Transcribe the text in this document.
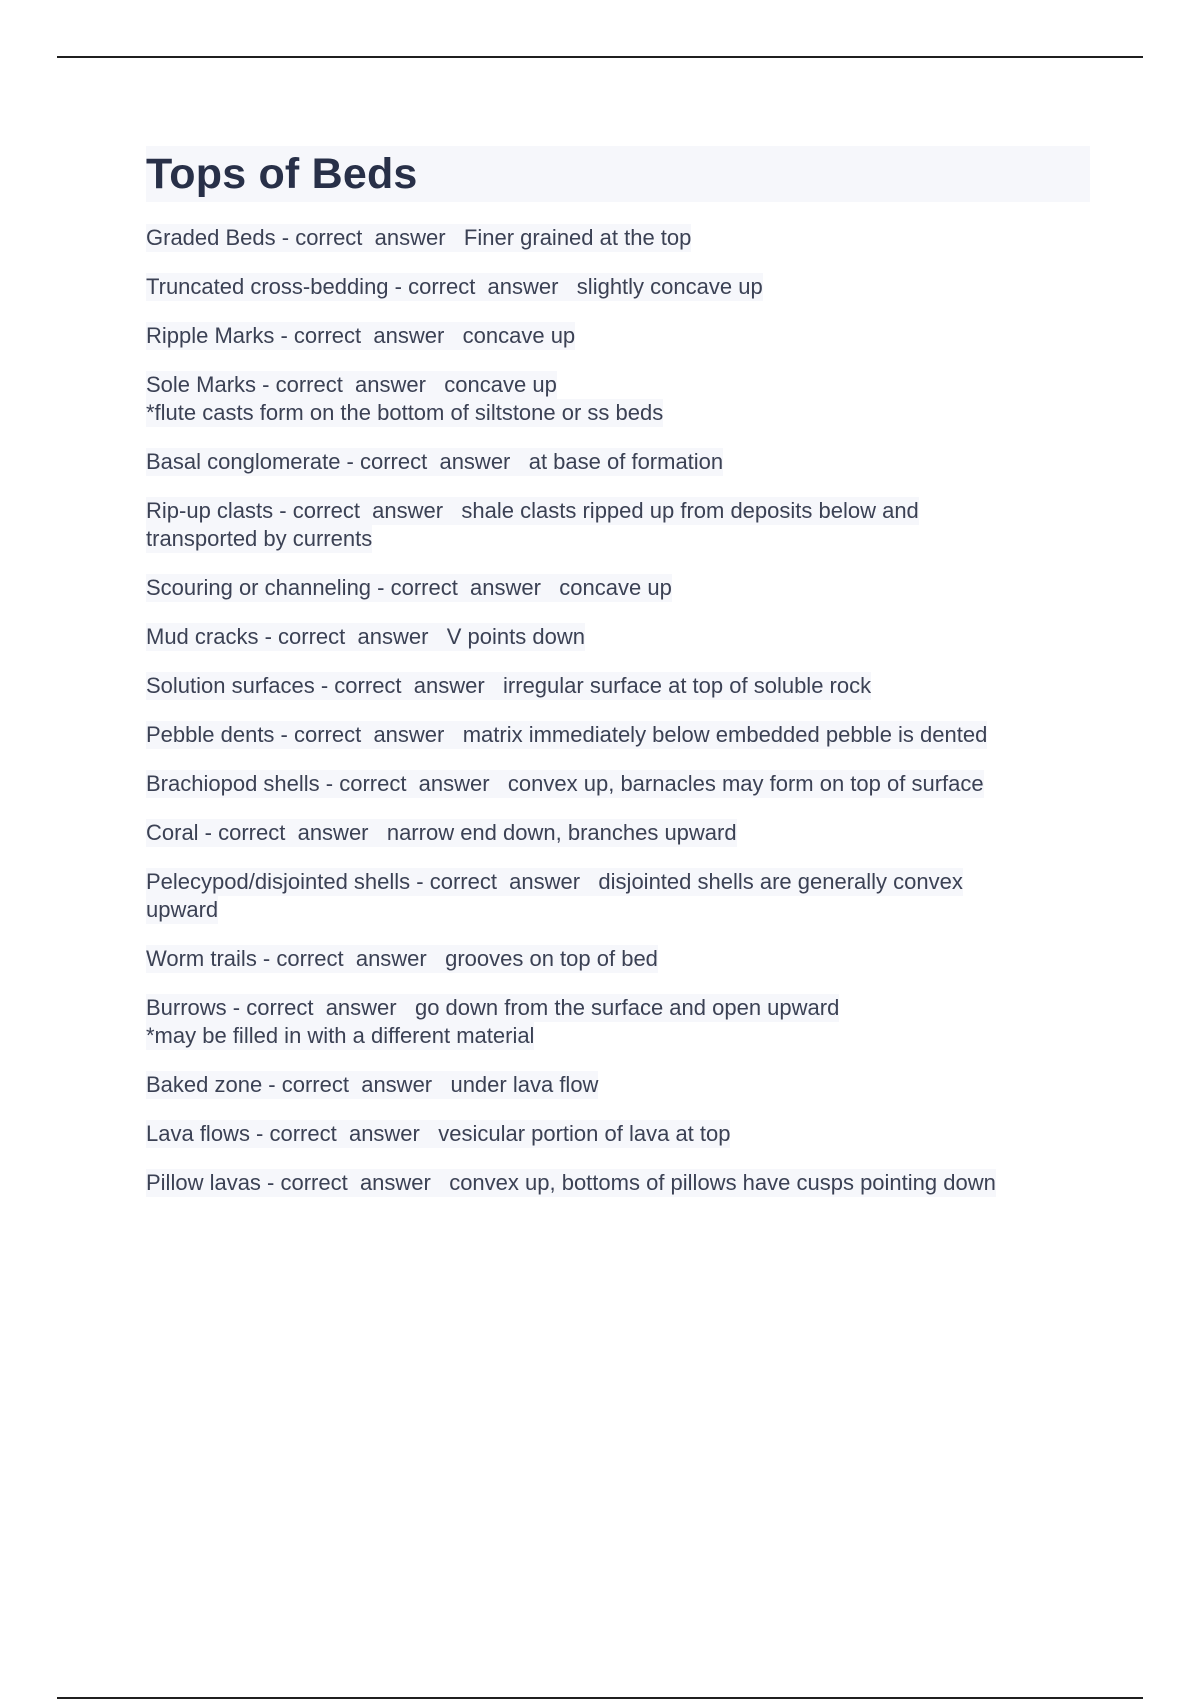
Tops of Beds
Graded Beds - correct  answer   Finer grained at the top
Truncated cross-bedding - correct  answer   slightly concave up
Ripple Marks - correct  answer   concave up
Sole Marks - correct  answer   concave up
*flute casts form on the bottom of siltstone or ss beds
Basal conglomerate - correct  answer   at base of formation
Rip-up clasts - correct  answer   shale clasts ripped up from deposits below and
transported by currents
Scouring or channeling - correct  answer   concave up
Mud cracks - correct  answer   V points down
Solution surfaces - correct  answer   irregular surface at top of soluble rock
Pebble dents - correct  answer   matrix immediately below embedded pebble is dented
Brachiopod shells - correct  answer   convex up, barnacles may form on top of surface
Coral - correct  answer   narrow end down, branches upward
Pelecypod/disjointed shells - correct  answer   disjointed shells are generally convex
upward
Worm trails - correct  answer   grooves on top of bed
Burrows - correct  answer   go down from the surface and open upward
*may be filled in with a different material
Baked zone - correct  answer   under lava flow
Lava flows - correct  answer   vesicular portion of lava at top
Pillow lavas - correct  answer   convex up, bottoms of pillows have cusps pointing down
